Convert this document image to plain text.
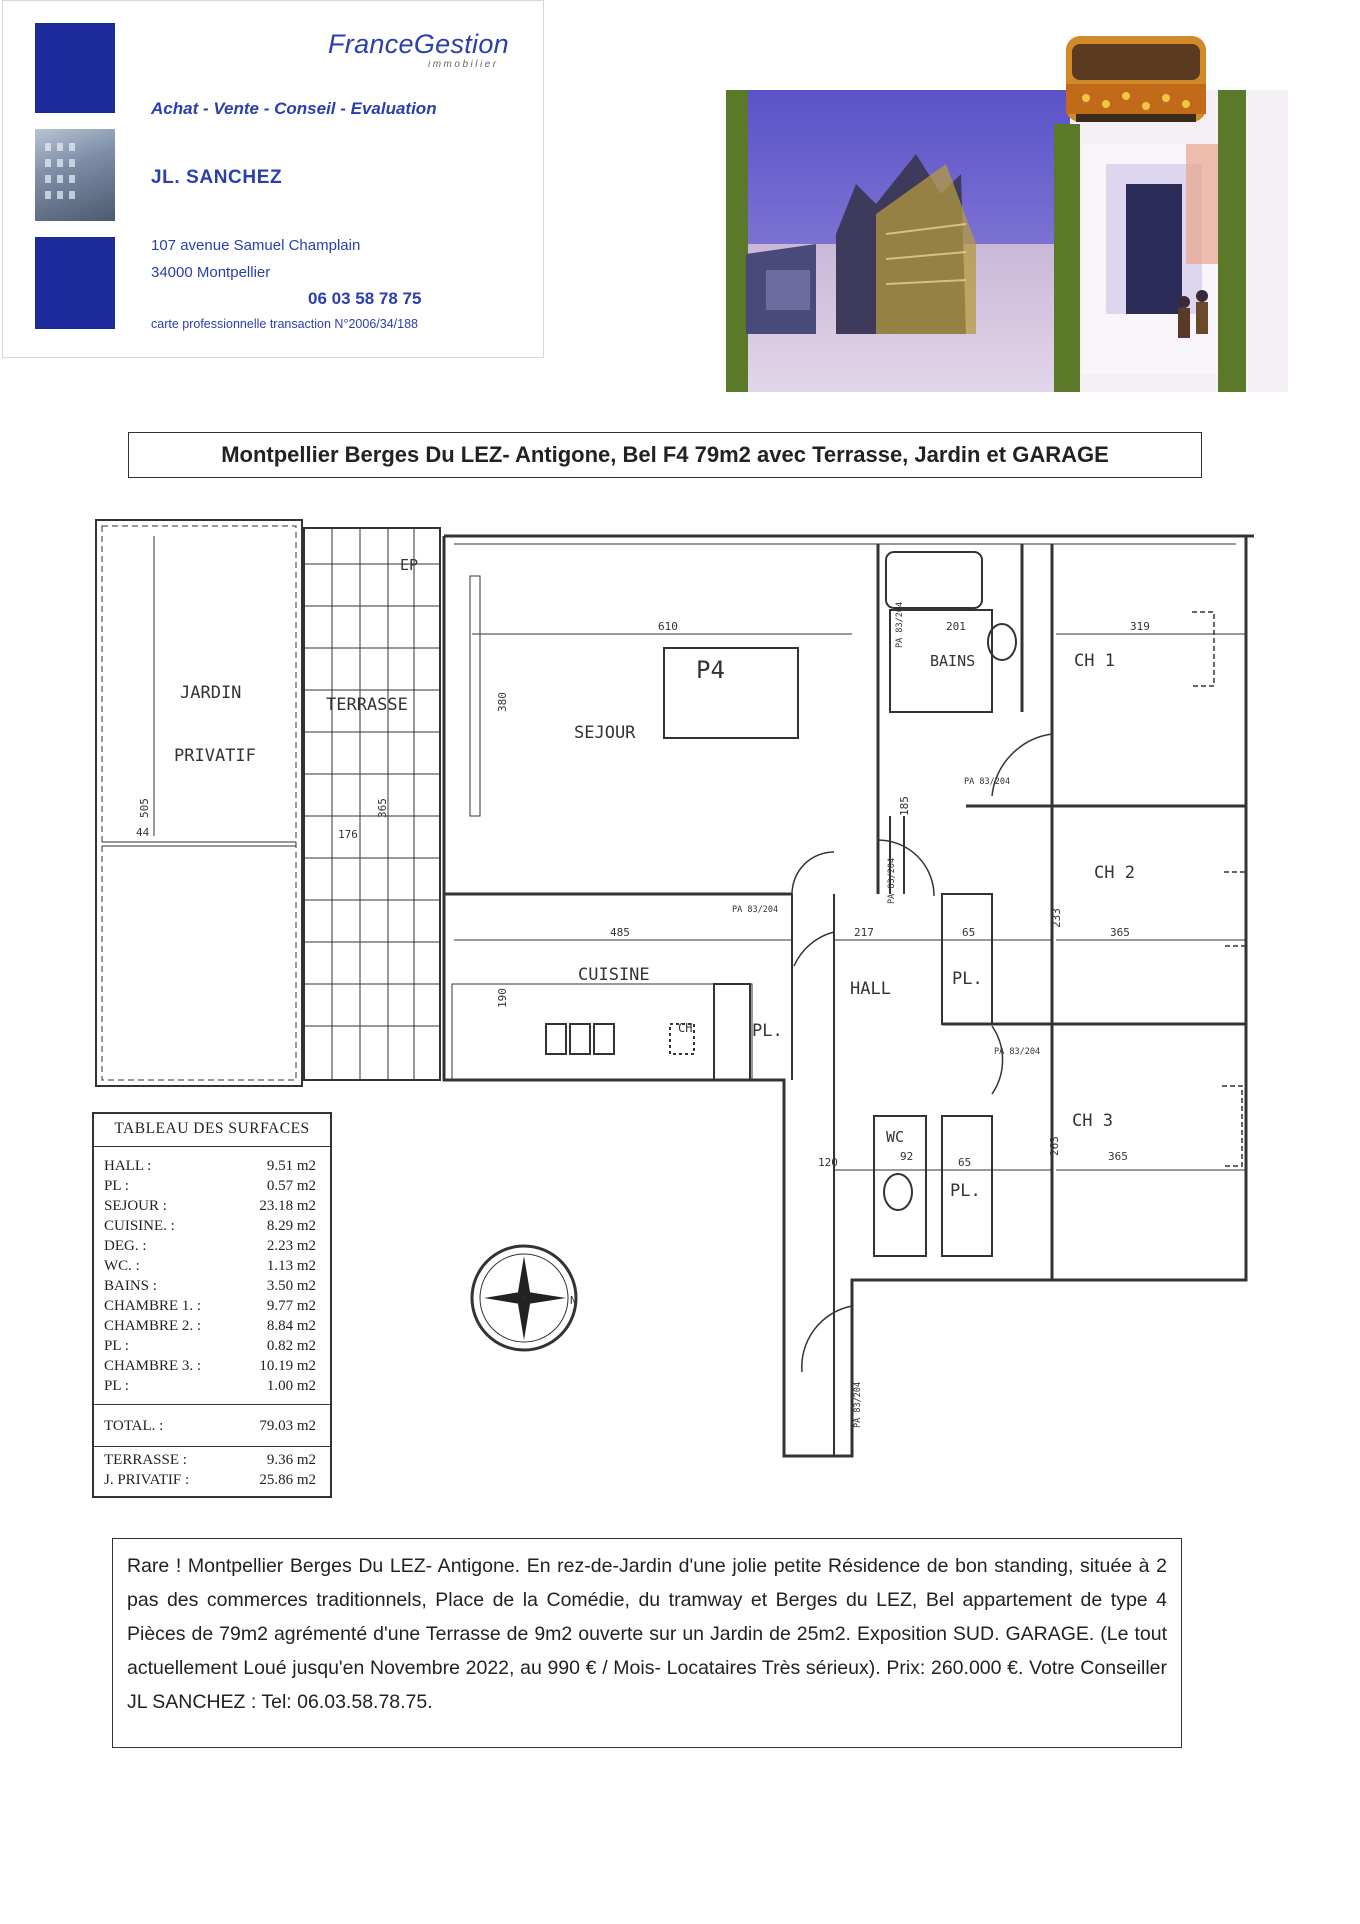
FranceGestion
immobilier
Achat - Vente - Conseil - Evaluation
JL. SANCHEZ
107 avenue Samuel Champlain
34000 Montpellier
06 03 58 78 75
carte professionnelle transaction N°2006/34/188
Montpellier Berges Du LEZ- Antigone, Bel F4 79m2 avec Terrasse, Jardin et GARAGE
N
JARDIN
PRIVATIF
TERRASSE
EP
P4
SEJOUR
BAINS	CH 1
CH 2
CH 3
CUISINE
HALL	PL.
PL.
PL.
WC
CH
610	201	319
485	217	65	365
120	92	365
65
44	176
505	365
380
263
233
190
185
PA 83/204
PA 83/204
PA 83/204
PA 83/204
PA 83/204
PA 83/204
TABLEAU DES SURFACES
HALL :	9.51 m2
PL :	0.57 m2
SEJOUR :	23.18 m2
CUISINE. :	8.29 m2
DEG. :	2.23 m2
WC. :	1.13 m2
BAINS :	3.50 m2
CHAMBRE 1. :	9.77 m2
CHAMBRE 2. :	8.84 m2
PL :	0.82 m2
CHAMBRE 3. :	10.19 m2
PL :	1.00 m2
TOTAL. :	79.03 m2
TERRASSE :	9.36 m2
J. PRIVATIF :	25.86 m2
Rare ! Montpellier Berges Du LEZ- Antigone. En rez-de-Jardin d'une jolie petite Résidence de bon standing, située à 2 pas des commerces traditionnels, Place de la Comédie, du tramway et Berges du LEZ, Bel appartement de type 4 Pièces de 79m2 agrémenté d'une Terrasse de 9m2 ouverte sur un Jardin de 25m2. Exposition SUD. GARAGE. (Le tout actuellement Loué jusqu'en Novembre 2022, au 990 € / Mois- Locataires Très sérieux). Prix: 260.000 €. Votre Conseiller JL SANCHEZ : Tel: 06.03.58.78.75.
